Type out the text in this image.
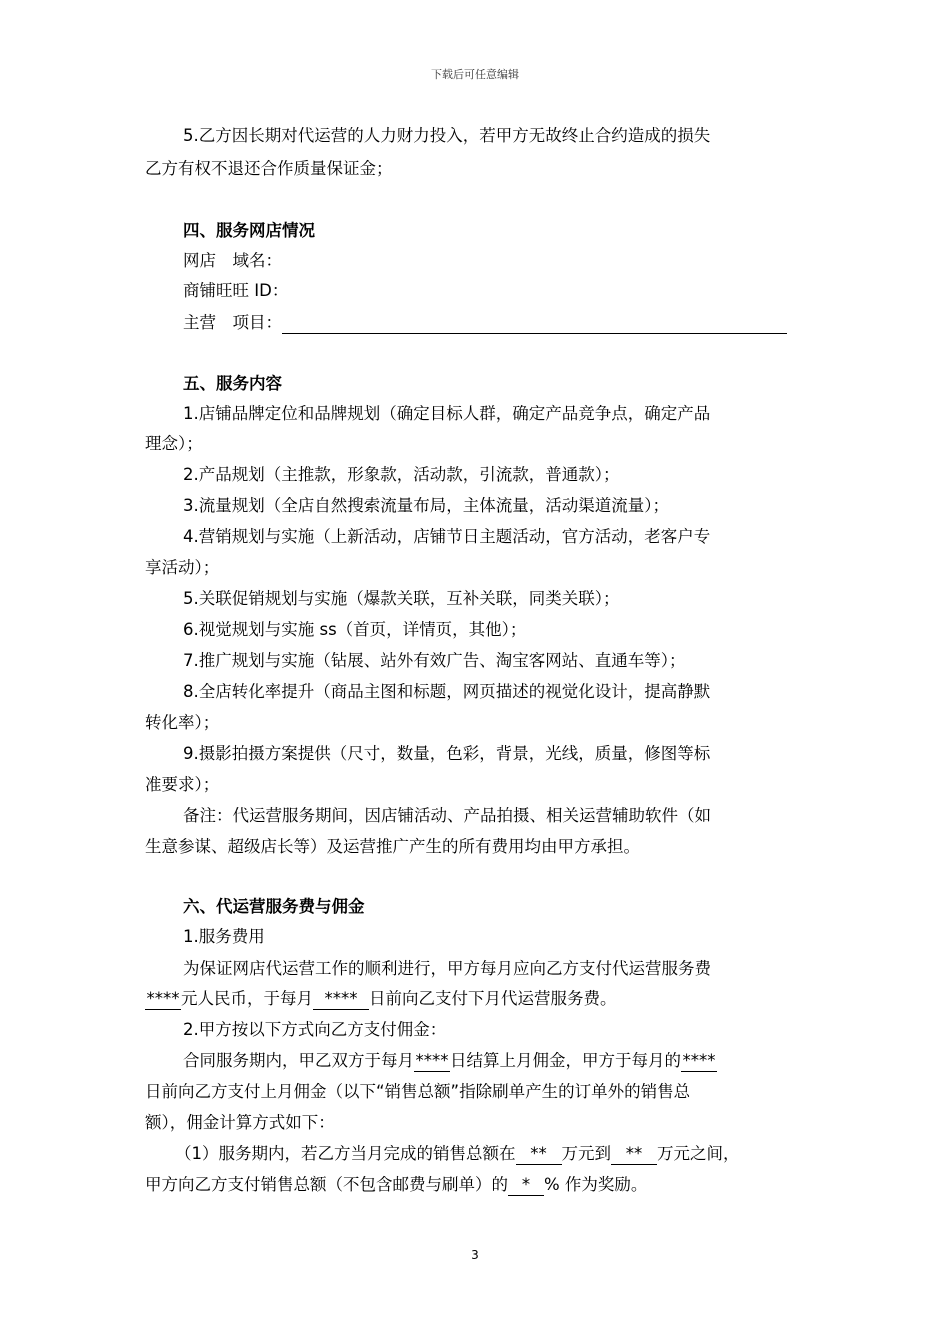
下载后可任意编辑
5.乙方因长期对代运营的人力财力投入，若甲方无故终止合约造成的损失
乙方有权不退还合作质量保证金；
四、服务网店情况
网店　域名：
商铺旺旺 ID：
主营　项目：
五、服务内容
1.店铺品牌定位和品牌规划（确定目标人群，确定产品竞争点，确定产品
理念）；
2.产品规划（主推款，形象款，活动款，引流款，普通款）；
3.流量规划（全店自然搜索流量布局，主体流量，活动渠道流量）；
4.营销规划与实施（上新活动，店铺节日主题活动，官方活动，老客户专
享活动）；
5.关联促销规划与实施（爆款关联，互补关联，同类关联）；
6.视觉规划与实施 ss（首页，详情页，其他）；
7.推广规划与实施（钻展、站外有效广告、淘宝客网站、直通车等）；
8.全店转化率提升（商品主图和标题，网页描述的视觉化设计，提高静默
转化率）；
9.摄影拍摄方案提供（尺寸，数量，色彩，背景，光线，质量，修图等标
准要求）；
备注：代运营服务期间，因店铺活动、产品拍摄、相关运营辅助软件（如
生意参谋、超级店长等）及运营推广产生的所有费用均由甲方承担。
六、代运营服务费与佣金
1.服务费用
为保证网店代运营工作的顺利进行，甲方每月应向乙方支付代运营服务费
****元人民币，于每月 **** 日前向乙支付下月代运营服务费。
2.甲方按以下方式向乙方支付佣金：
合同服务期内，甲乙双方于每月****日结算上月佣金，甲方于每月的****
日前向乙方支付上月佣金（以下“销售总额”指除刷单产生的订单外的销售总
额），佣金计算方式如下：
（1）服务期内，若乙方当月完成的销售总额在 ** 万元到 ** 万元之间，
甲方向乙方支付销售总额（不包含邮费与刷单）的 * % 作为奖励。
3
